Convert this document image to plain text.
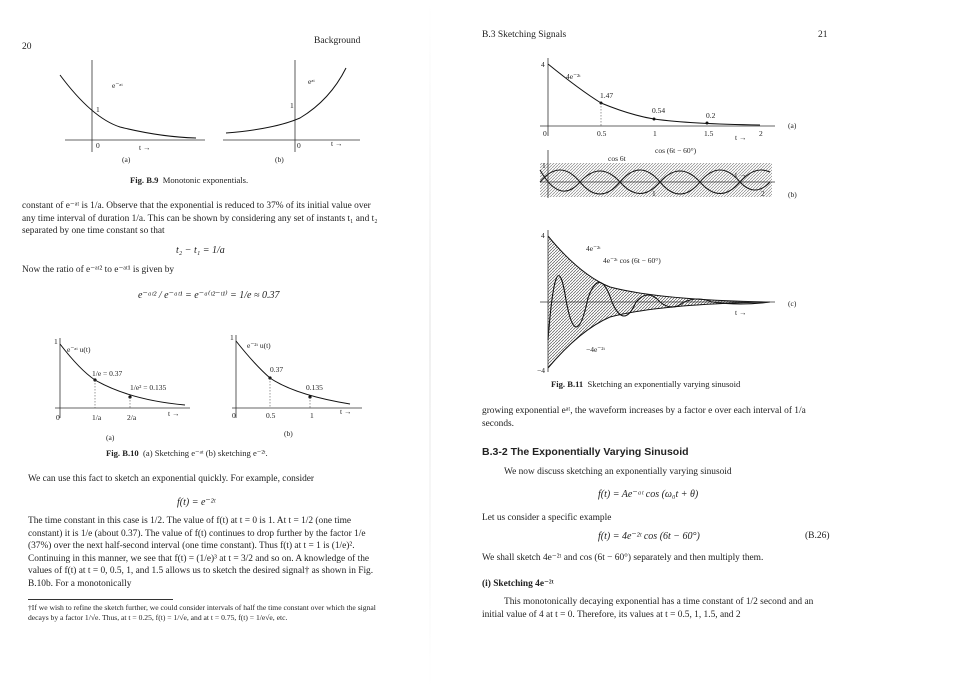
20
Background
e⁻ᵃᵗ
1
0	t →
(a)
eᵃᵗ
1
0	t →
(b)
Fig. B.9 Monotonic exponentials.
constant of e⁻ᵃᵗ is 1/a. Observe that the exponential is reduced to 37% of its initial value over any time interval of duration 1/a. This can be shown by considering any set of instants t₁ and t₂ separated by one time constant so that
t₂ − t₁ = 1/a
Now the ratio of e⁻ᵃᵗ² to e⁻ᵃᵗ¹ is given by
e⁻ᵃᵗ² / e⁻ᵃᵗ¹ = e⁻ᵃ⁽ᵗ²⁻ᵗ¹⁾ = 1/e ≈ 0.37
e⁻ᵃᵗ u(t)
1
1/e = 0.37
1/e² = 0.135
0	1/a	2/a	t →
(a)
e⁻²ᵗ u(t)
1
0.37
0.135
0	0.5	1	t →
(b)
Fig. B.10 (a) Sketching e⁻ᵃᵗ (b) sketching e⁻²ᵗ.
We can use this fact to sketch an exponential quickly. For example, consider
f(t) = e⁻²ᵗ
The time constant in this case is 1/2. The value of f(t) at t = 0 is 1. At t = 1/2 (one time constant) it is 1/e (about 0.37). The value of f(t) continues to drop further by the factor 1/e (37%) over the next half-second interval (one time constant). Thus f(t) at t = 1 is (1/e)². Continuing in this manner, we see that f(t) = (1/e)³ at t = 3/2 and so on. A knowledge of the values of f(t) at t = 0, 0.5, 1, and 1.5 allows us to sketch the desired signal† as shown in Fig. B.10b. For a monotonically
†If we wish to refine the sketch further, we could consider intervals of half the time constant over which the signal decays by a factor 1/√e. Thus, at t = 0.25, f(t) = 1/√e, and at t = 0.75, f(t) = 1/e√e, etc.
B.3 Sketching Signals	21
4
4e⁻²ᵗ
1.47
0.54
0.2
0	0.5	1	1.5	2
t →
(a)
cos (6t − 60°)
cos 6t
1
1	2
t →
(b)
4
4e⁻²ᵗ
4e⁻²ᵗ cos (6t − 60°)
−4e⁻²ᵗ
−4
t →
(c)
Fig. B.11 Sketching an exponentially varying sinusoid
growing exponential eᵃᵗ, the waveform increases by a factor e over each interval of 1/a seconds.
B.3-2 The Exponentially Varying Sinusoid
We now discuss sketching an exponentially varying sinusoid
f(t) = Ae⁻ᵃᵗ cos (ω₀t + θ)
Let us consider a specific example
f(t) = 4e⁻²ᵗ cos (6t − 60°)	(B.26)
We shall sketch 4e⁻²ᵗ and cos (6t − 60°) separately and then multiply them.
(i) Sketching 4e⁻²ᵗ
This monotonically decaying exponential has a time constant of 1/2 second and an initial value of 4 at t = 0. Therefore, its values at t = 0.5, 1, 1.5, and 2
